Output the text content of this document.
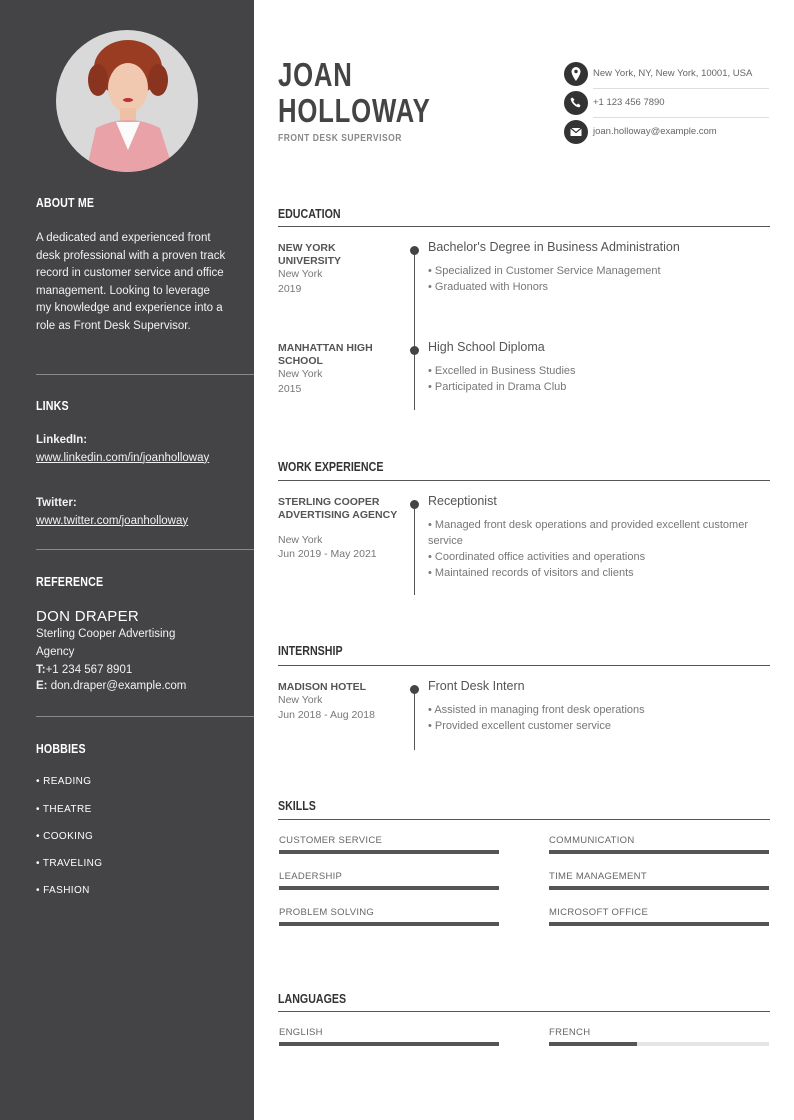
ABOUT ME
A dedicated and experienced front desk professional with a proven track record in customer service and office management. Looking to leverage my knowledge and experience into a role as Front Desk Supervisor.
LINKS
LinkedIn:
www.linkedin.com/in/joanholloway
Twitter:
www.twitter.com/joanholloway
REFERENCE
DON DRAPER
Sterling Cooper Advertising Agency
T:+1 234 567 8901
E: don.draper@example.com
HOBBIES
• READING
• THEATRE
• COOKING
• TRAVELING
• FASHION
JOAN
HOLLOWAY
FRONT DESK SUPERVISOR
New York, NY, New York, 10001, USA
+1 123 456 7890
joan.holloway@example.com
EDUCATION
NEW YORK UNIVERSITY
New York
2019
Bachelor's Degree in Business Administration
• Specialized in Customer Service Management
• Graduated with Honors
MANHATTAN HIGH SCHOOL
New York
2015
High School Diploma
• Excelled in Business Studies
• Participated in Drama Club
WORK EXPERIENCE
STERLING COOPER ADVERTISING AGENCY
New York
Jun 2019 - May 2021
Receptionist
• Managed front desk operations and provided excellent customer service
• Coordinated office activities and operations
• Maintained records of visitors and clients
INTERNSHIP
MADISON HOTEL
New York
Jun 2018 - Aug 2018
Front Desk Intern
• Assisted in managing front desk operations
• Provided excellent customer service
SKILLS
CUSTOMER SERVICE	COMMUNICATION
LEADERSHIP	TIME MANAGEMENT
PROBLEM SOLVING	MICROSOFT OFFICE
LANGUAGES
ENGLISH	FRENCH
